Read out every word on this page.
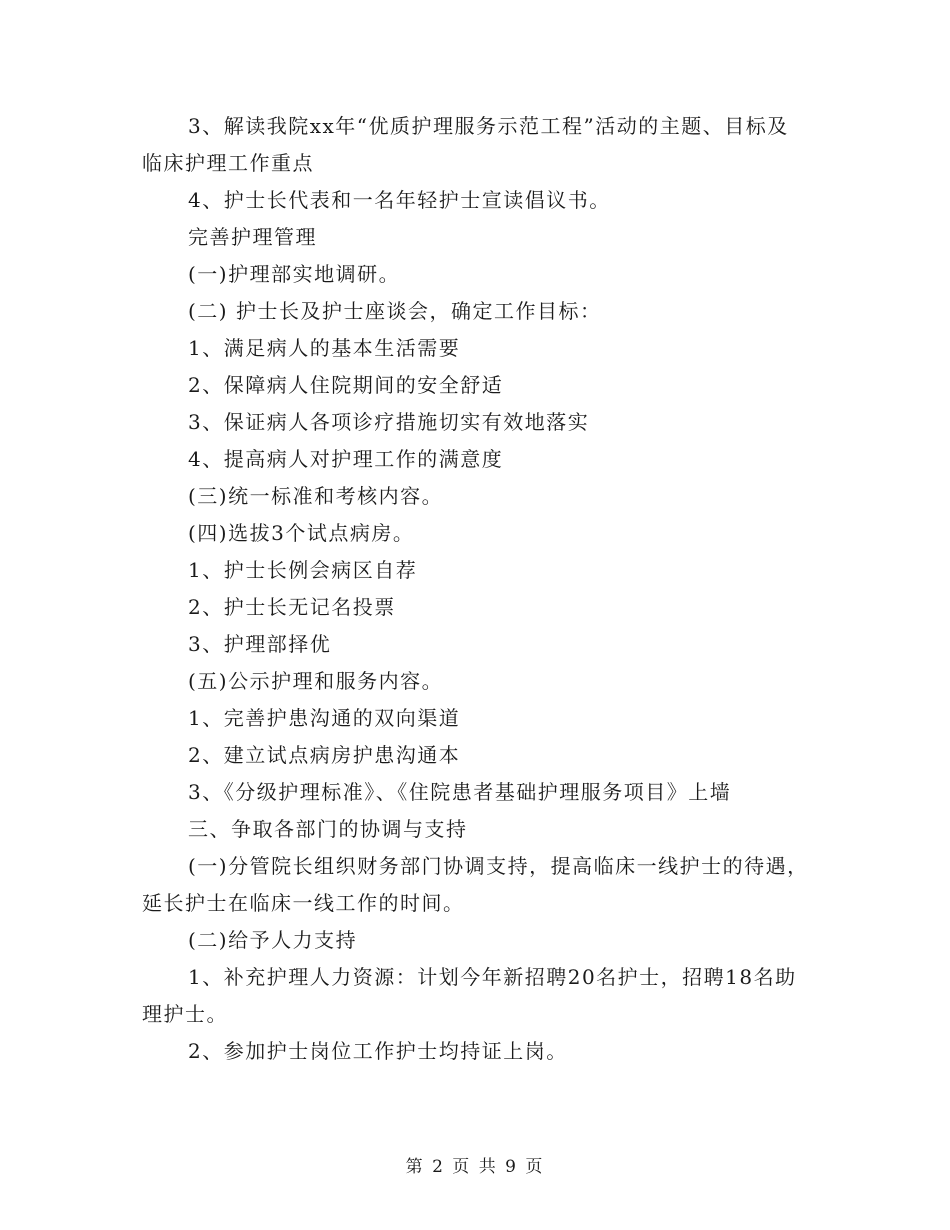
3、解读我院xx年“优质护理服务示范工程”活动的主题、目标及临床护理工作重点

4、护士长代表和一名年轻护士宣读倡议书。

完善护理管理

(一)护理部实地调研。

(二) 护士长及护士座谈会，确定工作目标：

1、满足病人的基本生活需要

2、保障病人住院期间的安全舒适

3、保证病人各项诊疗措施切实有效地落实

4、提高病人对护理工作的满意度

(三)统一标准和考核内容。

(四)选拔3个试点病房。

1、护士长例会病区自荐

2、护士长无记名投票

3、护理部择优

(五)公示护理和服务内容。

1、完善护患沟通的双向渠道

2、建立试点病房护患沟通本

3、《分级护理标准》、《住院患者基础护理服务项目》上墙

三、争取各部门的协调与支持

(一)分管院长组织财务部门协调支持，提高临床一线护士的待遇，延长护士在临床一线工作的时间。

(二)给予人力支持

1、补充护理人力资源：计划今年新招聘20名护士，招聘18名助理护士。

2、参加护士岗位工作护士均持证上岗。

第 2 页 共 9 页
